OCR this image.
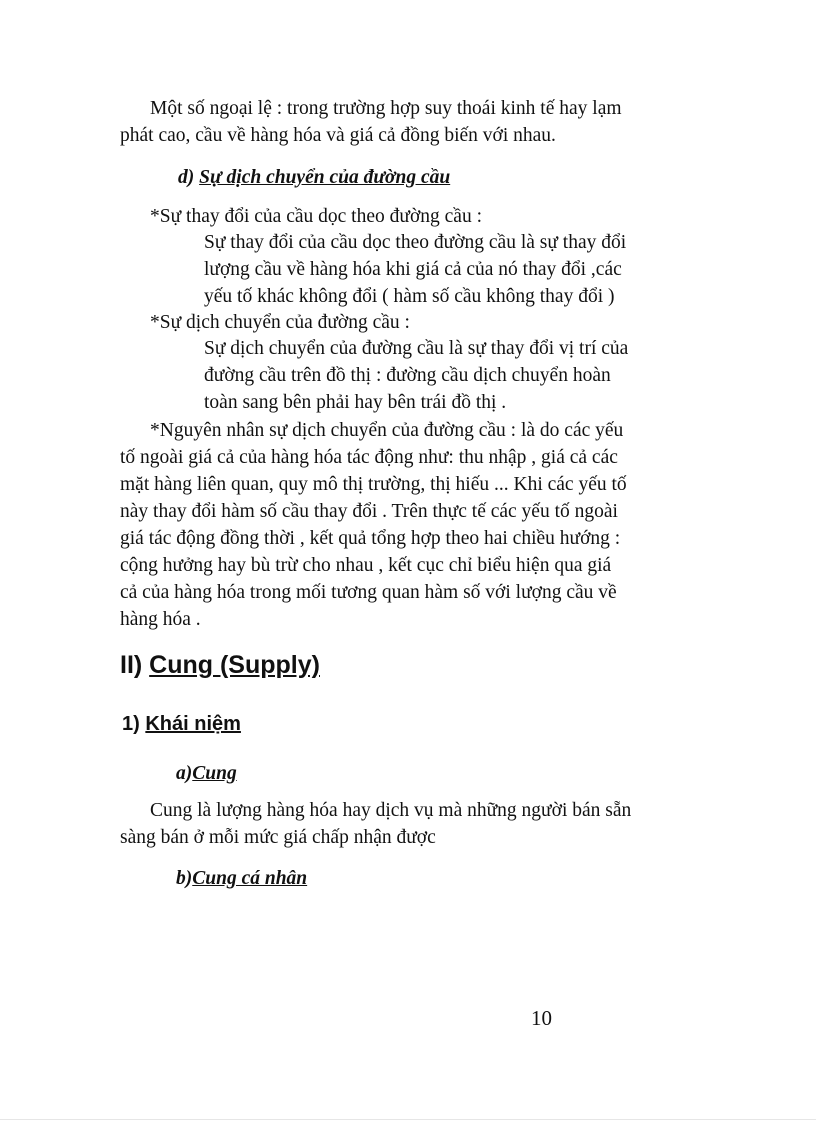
Một số ngoại lệ : trong trường hợp suy thoái kinh tế hay lạm
phát cao, cầu về hàng hóa và giá cả đồng biến với nhau.
d) Sự dịch chuyển của đường cầu
*Sự thay đổi của cầu dọc theo đường cầu :
Sự thay đổi của cầu dọc theo đường cầu là sự thay đổi
lượng cầu về hàng hóa khi giá cả của nó thay đổi ,các
yếu tố khác không đổi ( hàm số cầu không thay đổi )
*Sự dịch chuyển của đường cầu :
Sự dịch chuyển của đường cầu là sự thay đổi vị trí của
đường cầu trên đồ thị : đường cầu dịch chuyển hoàn
toàn sang bên phải hay bên trái đồ thị .
*Nguyên nhân sự dịch chuyển của đường cầu : là do các yếu
tố ngoài giá cả của hàng hóa tác động như: thu nhập , giá cả các
mặt hàng liên quan, quy mô thị trường, thị hiếu ... Khi các yếu tố
này thay đổi hàm số cầu thay đổi . Trên thực tế các yếu tố ngoài
giá tác động đồng thời , kết quả tổng hợp theo hai chiều hướng :
cộng hưởng hay bù trừ cho nhau , kết cục chỉ biểu hiện qua giá
cả của hàng hóa trong mối tương quan hàm số với lượng cầu về
hàng hóa .
II) Cung (Supply)
1) Khái niệm
a)Cung
Cung là lượng hàng hóa hay dịch vụ mà những người bán sẵn
sàng bán ở mỗi mức giá chấp nhận được
b)Cung cá nhân
10
